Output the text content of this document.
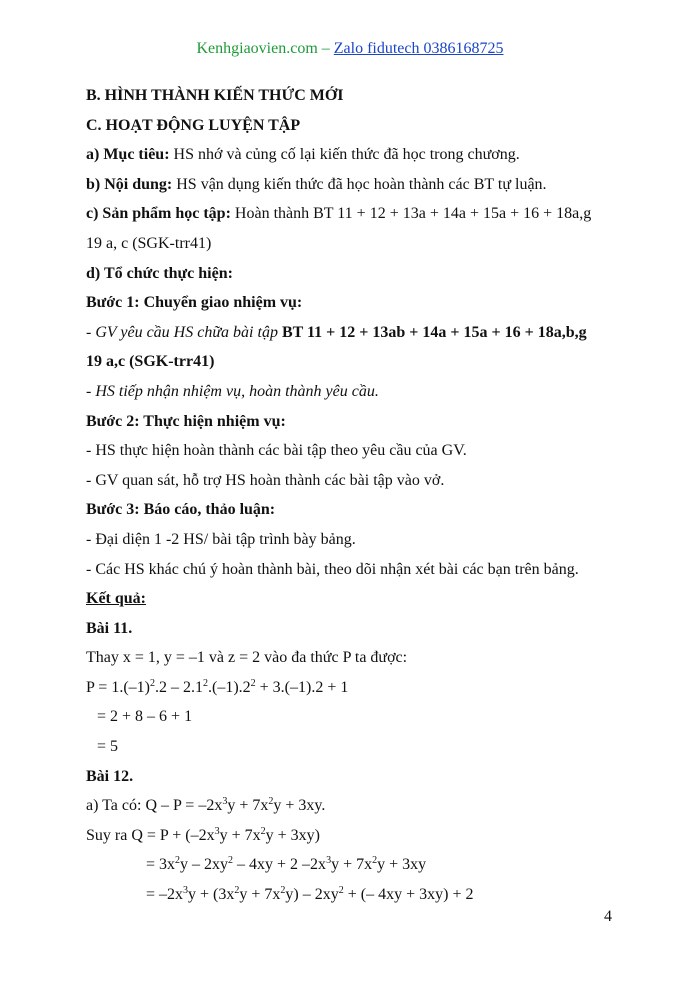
Kenhgiaovien.com – Zalo fidutech 0386168725
B. HÌNH THÀNH KIẾN THỨC MỚI
C. HOẠT ĐỘNG LUYỆN TẬP
a) Mục tiêu: HS nhớ và củng cố lại kiến thức đã học trong chương.
b) Nội dung: HS vận dụng kiến thức đã học hoàn thành các BT tự luận.
c) Sản phẩm học tập: Hoàn thành BT 11 + 12 + 13a + 14a + 15a + 16 + 18a,g
19 a, c (SGK-trr41)
d) Tổ chức thực hiện:
Bước 1: Chuyển giao nhiệm vụ:
- GV yêu cầu HS chữa bài tập BT 11 + 12 + 13ab + 14a + 15a + 16 + 18a,b,g
19 a,c (SGK-trr41)
- HS tiếp nhận nhiệm vụ, hoàn thành yêu cầu.
Bước 2: Thực hiện nhiệm vụ:
- HS thực hiện hoàn thành các bài tập theo yêu cầu của GV.
- GV quan sát, hỗ trợ HS hoàn thành các bài tập vào vở.
Bước 3: Báo cáo, thảo luận:
- Đại diện 1 -2 HS/ bài tập trình bày bảng.
- Các HS khác chú ý hoàn thành bài, theo dõi nhận xét bài các bạn trên bảng.
Kết quả:
Bài 11.
Thay x = 1, y = –1 và z = 2 vào đa thức P ta được:
$P = 1.(-1)^2.2 - 2.1^2.(-1).2^2 + 3.(-1).2 + 1$
= 2 + 8 – 6 + 1
= 5
Bài 12.
a) Ta có: $Q - P = -2x^3y + 7x^2y + 3xy$.
Suy ra $Q = P + (-2x^3y + 7x^2y + 3xy)$
= $3x^2y - 2xy^2 - 4xy + 2$ $-2x^3y + 7x^2y + 3xy$
= $-2x^3y + (3x^2y + 7x^2y) - 2xy^2$ + (– 4xy + 3xy) + 2
4
